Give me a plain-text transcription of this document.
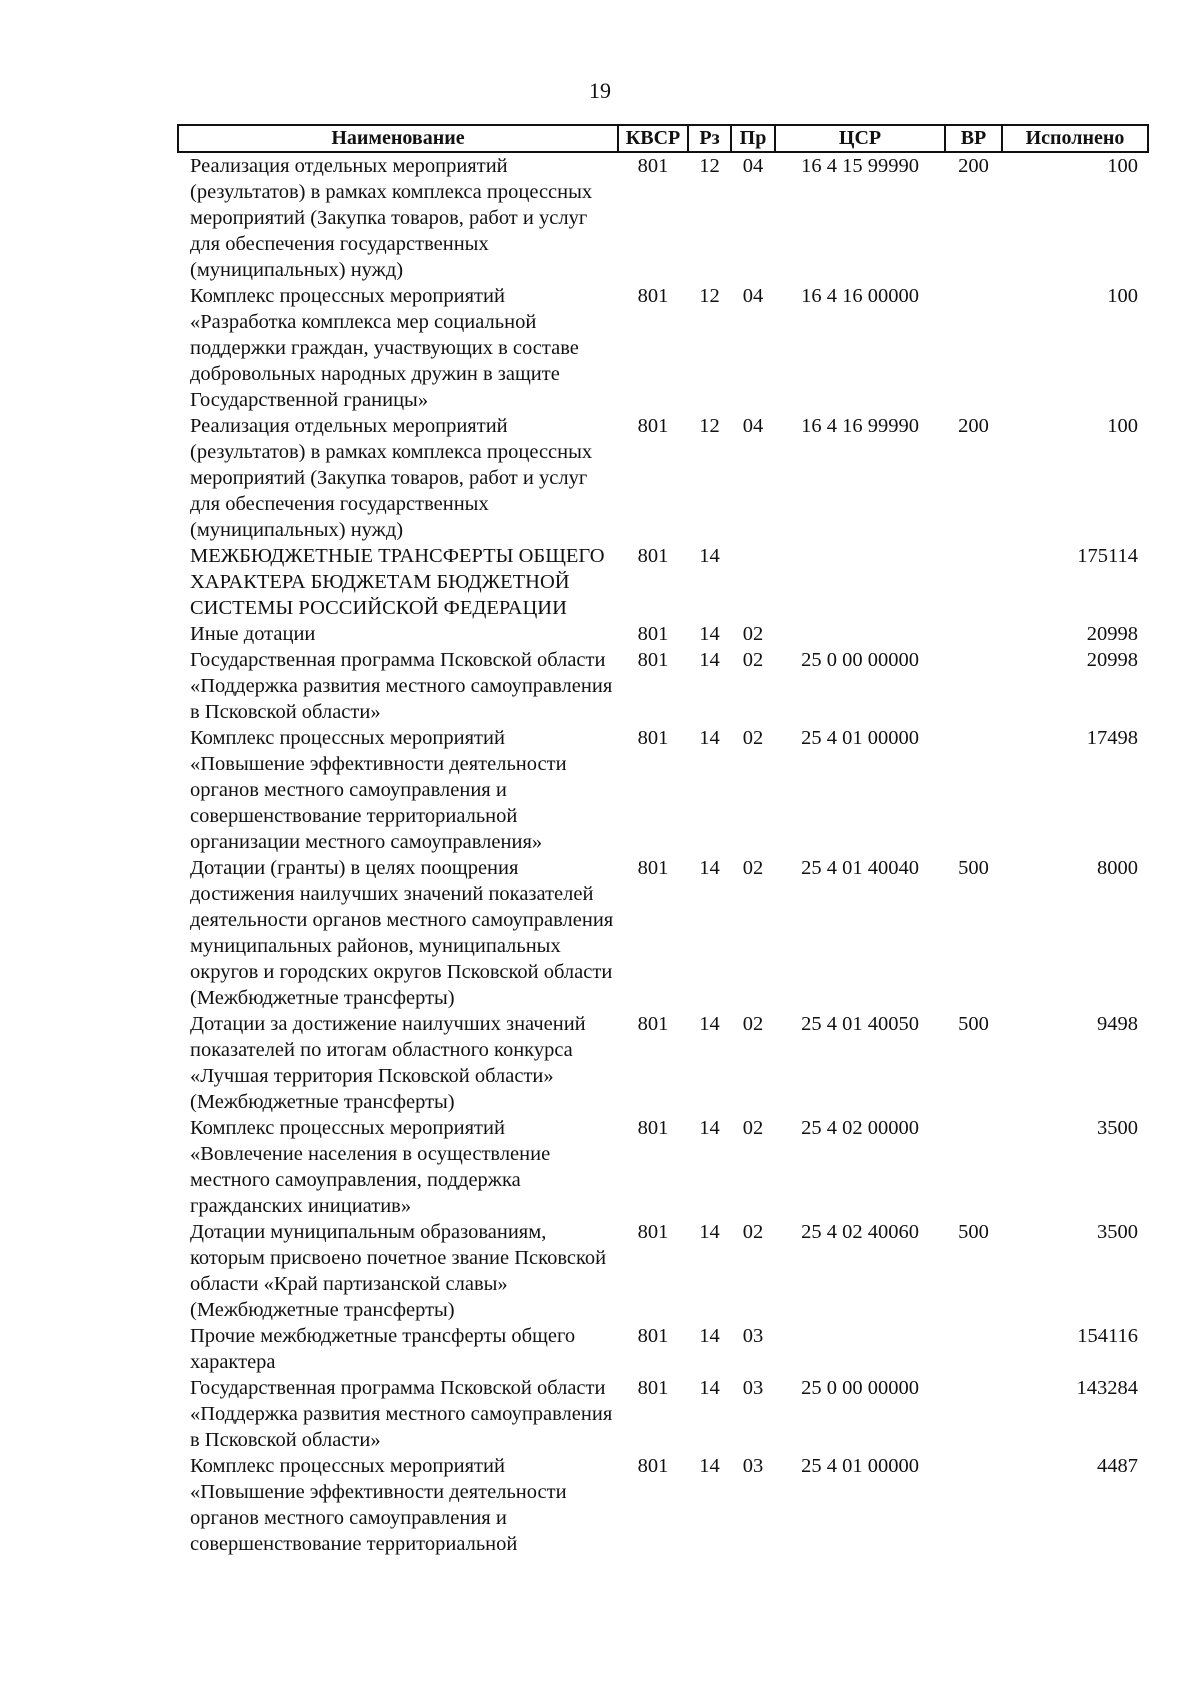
19
Наименование	КВСР	Рз	Пр	ЦСР	ВР	Исполнено
Реализация отдельных мероприятий (результатов) в рамках комплекса процессных мероприятий (Закупка товаров, работ и услуг для обеспечения государственных (муниципальных) нужд)	801	12	04	16 4 15 99990	200	100
Комплекс процессных мероприятий «Разработка комплекса мер социальной поддержки граждан, участвующих в составе добровольных народных дружин в защите Государственной границы»	801	12	04	16 4 16 00000		100
Реализация отдельных мероприятий (результатов) в рамках комплекса процессных мероприятий (Закупка товаров, работ и услуг для обеспечения государственных (муниципальных) нужд)	801	12	04	16 4 16 99990	200	100
МЕЖБЮДЖЕТНЫЕ ТРАНСФЕРТЫ ОБЩЕГО ХАРАКТЕРА БЮДЖЕТАМ БЮДЖЕТНОЙ СИСТЕМЫ РОССИЙСКОЙ ФЕДЕРАЦИИ	801	14				175114
Иные дотации	801	14	02			20998
Государственная программа Псковской области «Поддержка развития местного самоуправления в Псковской области»	801	14	02	25 0 00 00000		20998
Комплекс процессных мероприятий «Повышение эффективности деятельности органов местного самоуправления и совершенствование территориальной организации местного самоуправления»	801	14	02	25 4 01 00000		17498
Дотации (гранты) в целях поощрения достижения наилучших значений показателей деятельности органов местного самоуправления муниципальных районов, муниципальных округов и городских округов Псковской области (Межбюджетные трансферты)	801	14	02	25 4 01 40040	500	8000
Дотации за достижение наилучших значений показателей по итогам областного конкурса «Лучшая территория Псковской области» (Межбюджетные трансферты)	801	14	02	25 4 01 40050	500	9498
Комплекс процессных мероприятий «Вовлечение населения в осуществление местного самоуправления, поддержка гражданских инициатив»	801	14	02	25 4 02 00000		3500
Дотации муниципальным образованиям, которым присвоено почетное звание Псковской области «Край партизанской славы» (Межбюджетные трансферты)	801	14	02	25 4 02 40060	500	3500
Прочие межбюджетные трансферты общего характера	801	14	03			154116
Государственная программа Псковской области «Поддержка развития местного самоуправления в Псковской области»	801	14	03	25 0 00 00000		143284
Комплекс процессных мероприятий «Повышение эффективности деятельности органов местного самоуправления и совершенствование территориальной	801	14	03	25 4 01 00000		4487
